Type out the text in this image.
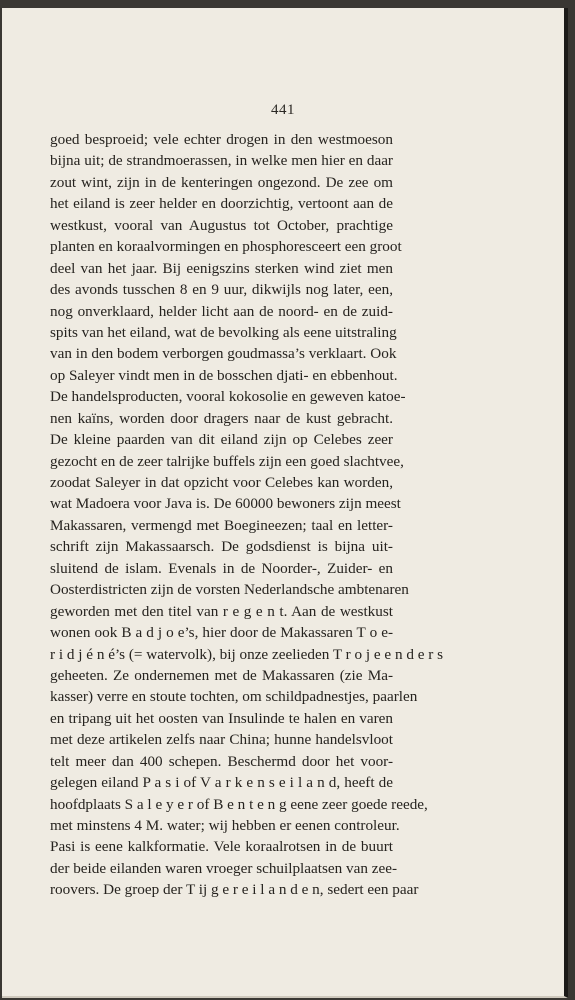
441
goed besproeid; vele echter drogen in den westmoeson
bijna uit; de strandmoerassen, in welke men hier en daar
zout wint, zijn in de kenteringen ongezond. De zee om
het eiland is zeer helder en doorzichtig, vertoont aan de
westkust, vooral van Augustus tot October, prachtige
planten en koraalvormingen en phosphoresceert een groot
deel van het jaar. Bij eenigszins sterken wind ziet men
des avonds tusschen 8 en 9 uur, dikwijls nog later, een,
nog onverklaard, helder licht aan de noord- en de zuid-
spits van het eiland, wat de bevolking als eene uitstraling
van in den bodem verborgen goudmassa’s verklaart. Ook
op Saleyer vindt men in de bosschen djati- en ebbenhout.
De handelsproducten, vooral kokosolie en geweven katoe-
nen kaïns, worden door dragers naar de kust gebracht.
De kleine paarden van dit eiland zijn op Celebes zeer
gezocht en de zeer talrijke buffels zijn een goed slachtvee,
zoodat Saleyer in dat opzicht voor Celebes kan worden,
wat Madoera voor Java is. De 60000 bewoners zijn meest
Makassaren, vermengd met Boegineezen; taal en letter-
schrift zijn Makassaarsch. De godsdienst is bijna uit-
sluitend de islam. Evenals in de Noorder-, Zuider- en
Oosterdistricten zijn de vorsten Nederlandsche ambtenaren
geworden met den titel van r e g e n t. Aan de westkust
wonen ook B a d j o e’s, hier door de Makassaren T o e-
r i d j é n é’s (= watervolk), bij onze zeelieden T r o j e e n d e r s
geheeten. Ze ondernemen met de Makassaren (zie Ma-
kasser) verre en stoute tochten, om schildpadnestjes, paarlen
en tripang uit het oosten van Insulinde te halen en varen
met deze artikelen zelfs naar China; hunne handelsvloot
telt meer dan 400 schepen. Beschermd door het voor-
gelegen eiland P a s i of V a r k e n s e i l a n d, heeft de
hoofdplaats S a l e y e r of B e n t e n g eene zeer goede reede,
met minstens 4 M. water; wij hebben er eenen controleur.
Pasi is eene kalkformatie. Vele koraalrotsen in de buurt
der beide eilanden waren vroeger schuilplaatsen van zee-
roovers. De groep der T ij g e r e i l a n d e n, sedert een paar
